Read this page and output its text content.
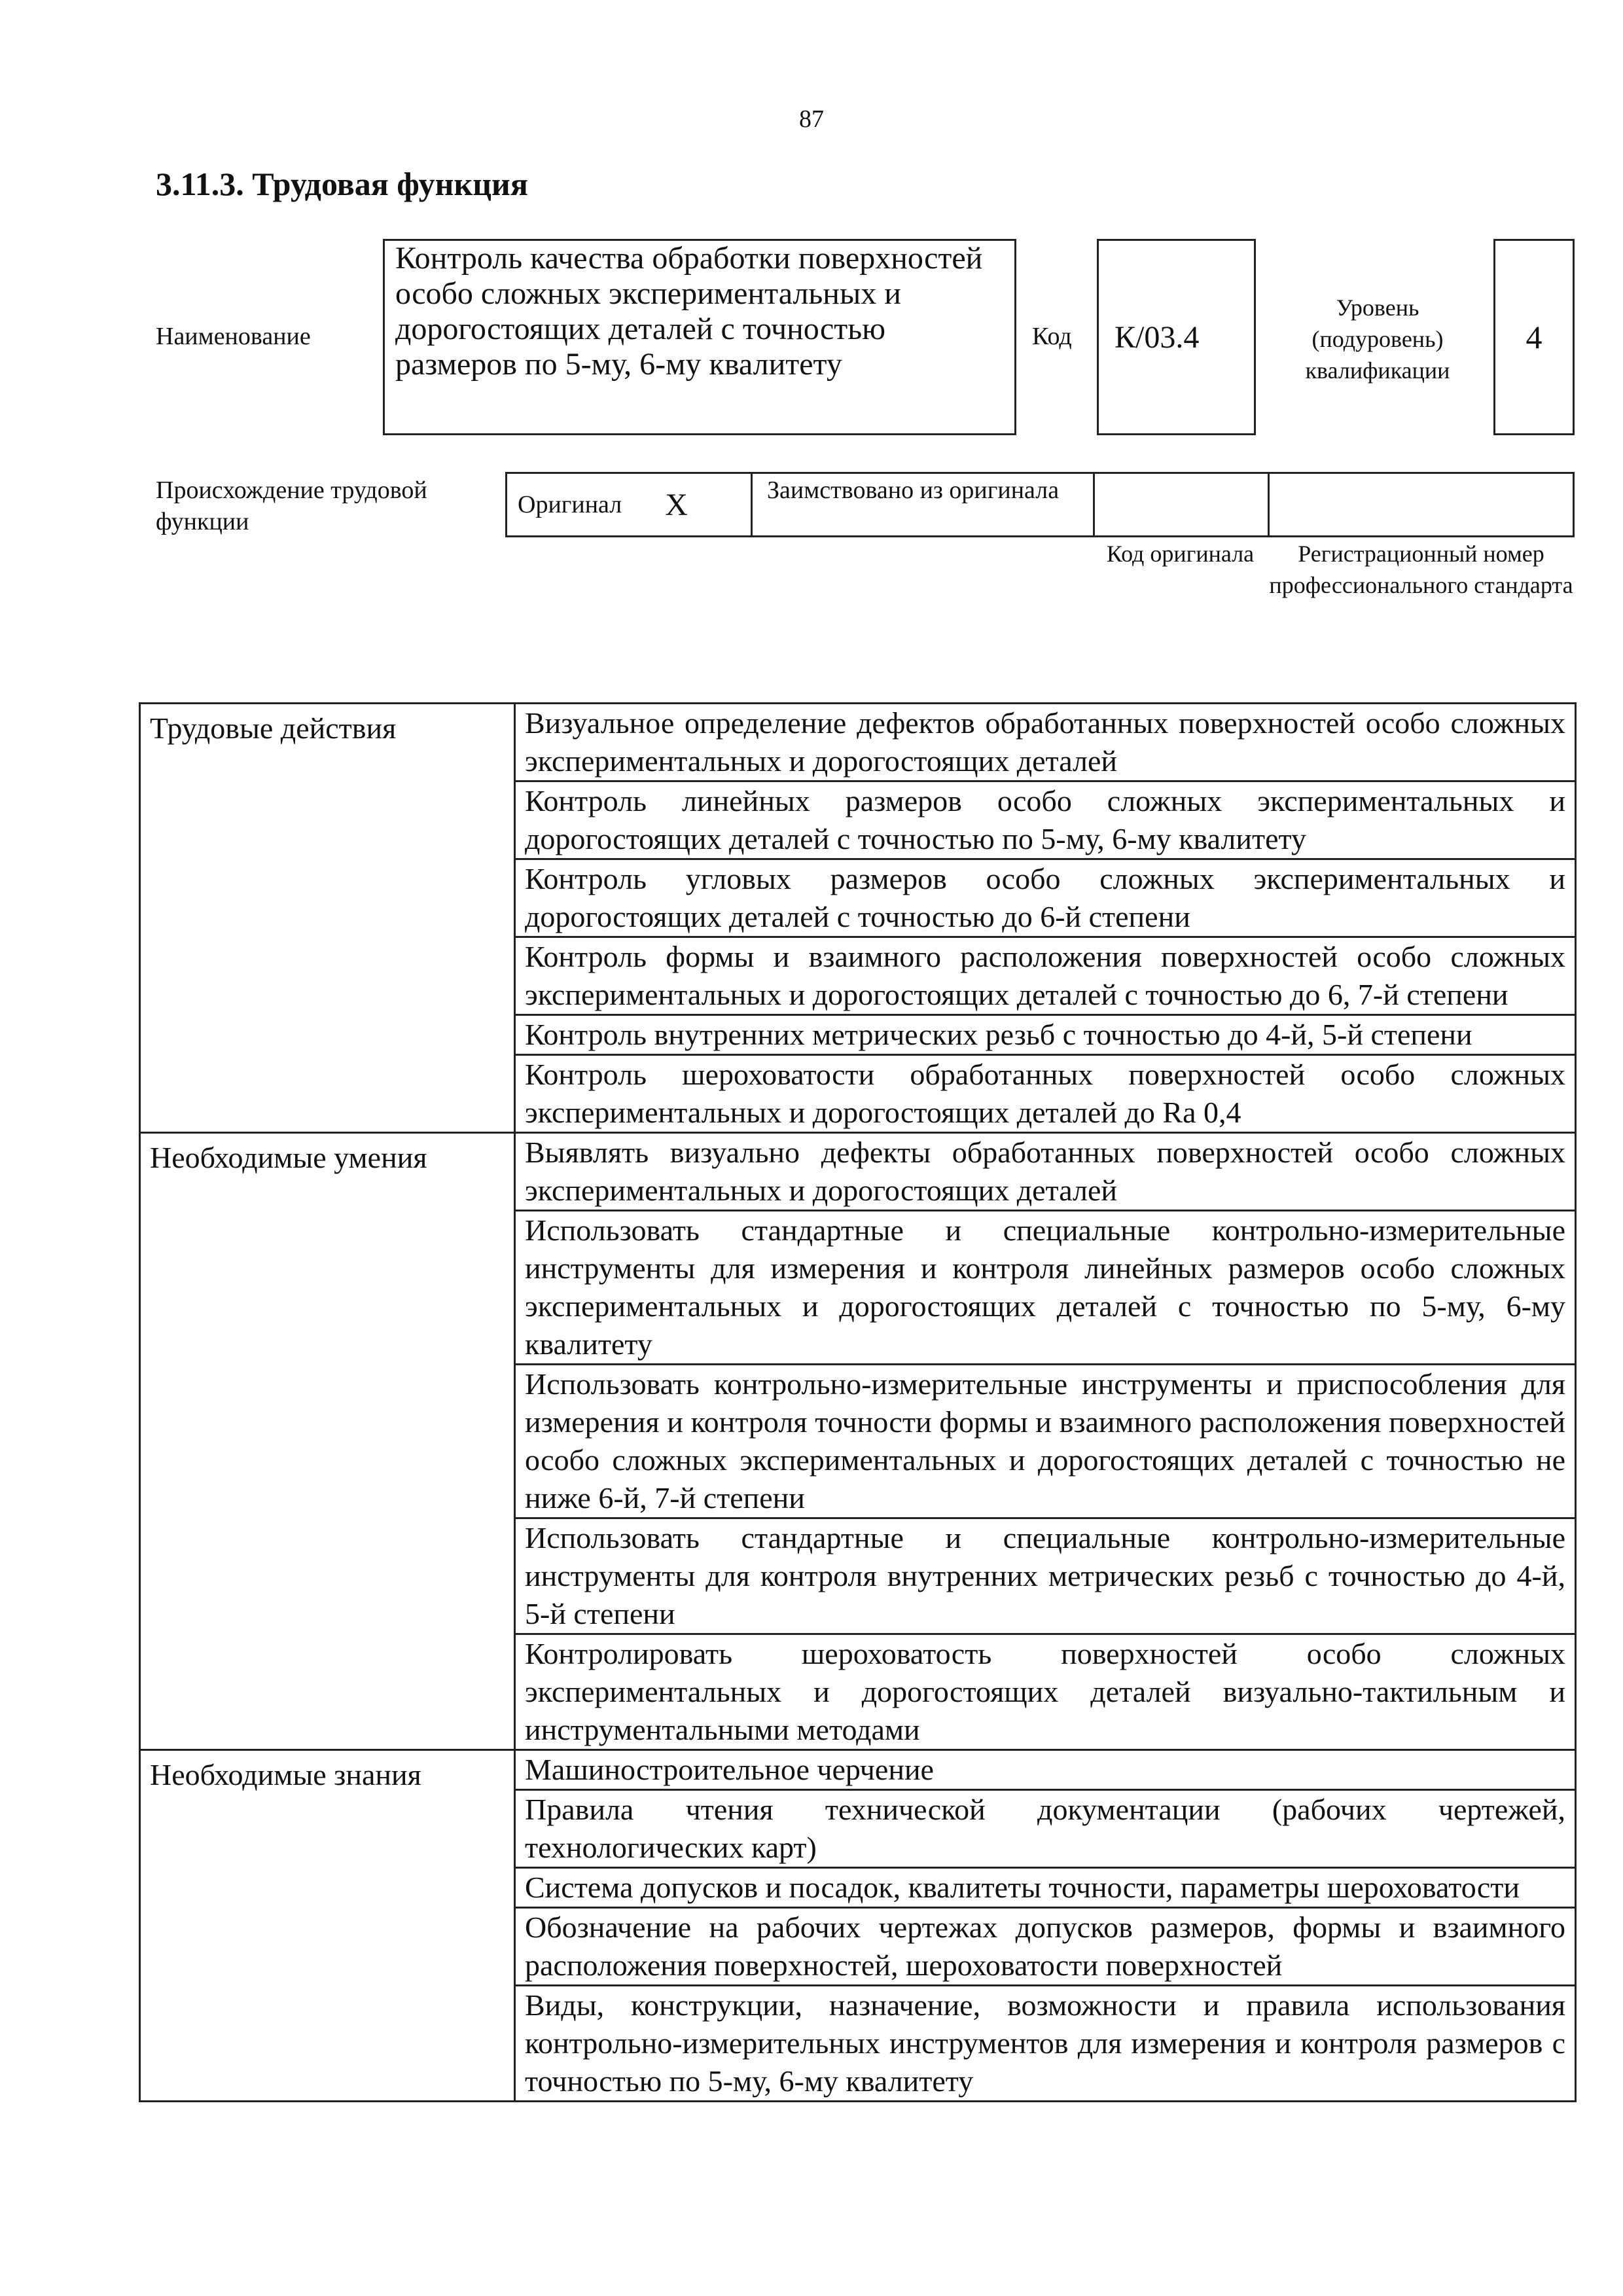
87
3.11.3. Трудовая функция
Наименование
Контроль качества обработки поверхностей особо сложных экспериментальных и дорогостоящих деталей с точностью размеров по 5-му, 6-му квалитету
Код К/03.4
Уровень (подуровень) квалификации
4
Происхождение трудовой функции
Оригинал Х	Заимствовано из оригинала
Код оригинала	Регистрационный номер профессионального стандарта
Трудовые действия	Визуальное определение дефектов обработанных поверхностей особо сложных экспериментальных и дорогостоящих деталей
	Контроль линейных размеров особо сложных экспериментальных и дорогостоящих деталей с точностью по 5-му, 6-му квалитету
	Контроль угловых размеров особо сложных экспериментальных и дорогостоящих деталей с точностью до 6-й степени
	Контроль формы и взаимного расположения поверхностей особо сложных экспериментальных и дорогостоящих деталей с точностью до 6, 7-й степени
	Контроль внутренних метрических резьб с точностью до 4-й, 5-й степени
	Контроль шероховатости обработанных поверхностей особо сложных экспериментальных и дорогостоящих деталей до Ra 0,4
Необходимые умения	Выявлять визуально дефекты обработанных поверхностей особо сложных экспериментальных и дорогостоящих деталей
	Использовать стандартные и специальные контрольно-измерительные инструменты для измерения и контроля линейных размеров особо сложных экспериментальных и дорогостоящих деталей с точностью по 5-му, 6-му квалитету
	Использовать контрольно-измерительные инструменты и приспособления для измерения и контроля точности формы и взаимного расположения поверхностей особо сложных экспериментальных и дорогостоящих деталей с точностью не ниже 6-й, 7-й степени
	Использовать стандартные и специальные контрольно-измерительные инструменты для контроля внутренних метрических резьб с точностью до 4-й, 5-й степени
	Контролировать шероховатость поверхностей особо сложных экспериментальных и дорогостоящих деталей визуально-тактильным и инструментальными методами
Необходимые знания	Машиностроительное черчение
	Правила чтения технической документации (рабочих чертежей, технологических карт)
	Система допусков и посадок, квалитеты точности, параметры шероховатости
	Обозначение на рабочих чертежах допусков размеров, формы и взаимного расположения поверхностей, шероховатости поверхностей
	Виды, конструкции, назначение, возможности и правила использования контрольно-измерительных инструментов для измерения и контроля размеров с точностью по 5-му, 6-му квалитету
